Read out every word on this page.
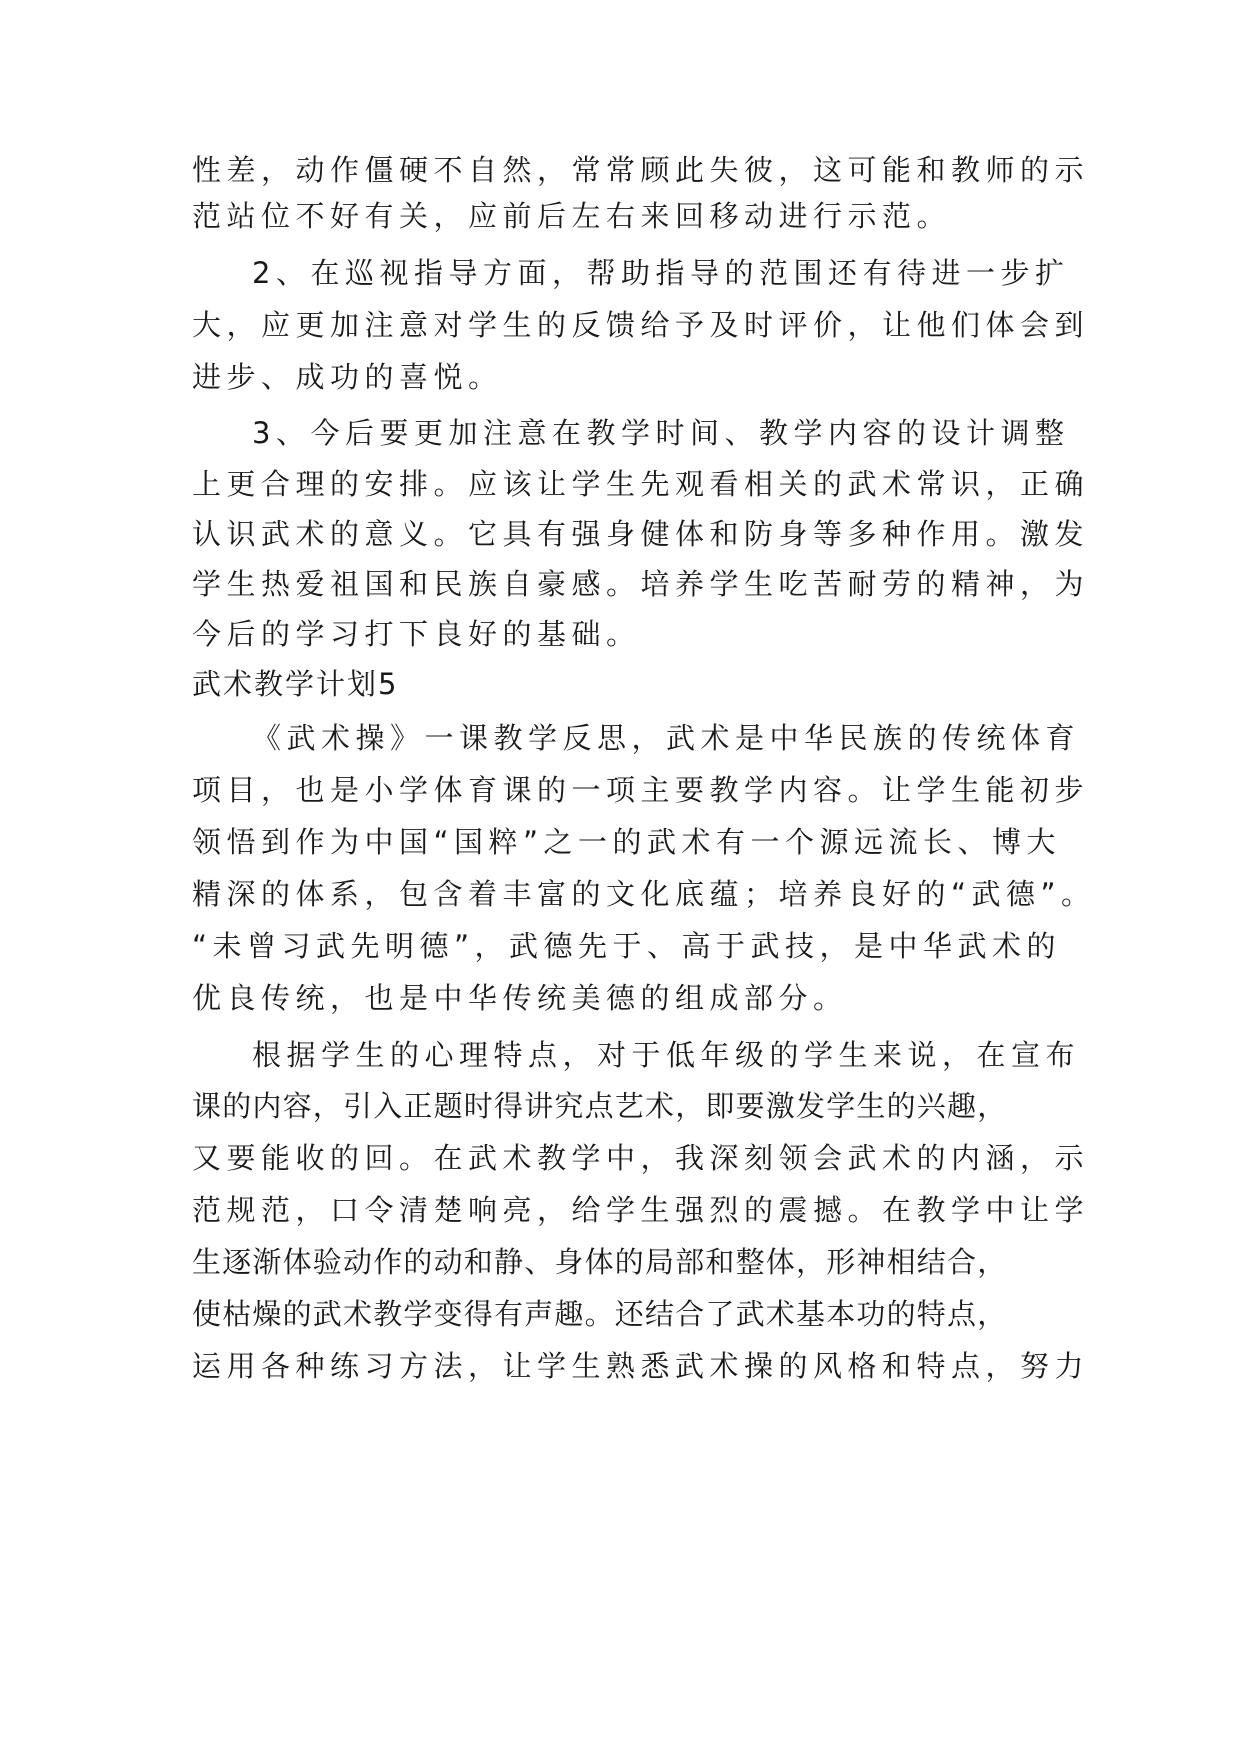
性差，动作僵硬不自然，常常顾此失彼，这可能和教师的示
范站位不好有关，应前后左右来回移动进行示范。
2、在巡视指导方面，帮助指导的范围还有待进一步扩
大，应更加注意对学生的反馈给予及时评价，让他们体会到
进步、成功的喜悦。
3、今后要更加注意在教学时间、教学内容的设计调整
上更合理的安排。应该让学生先观看相关的武术常识，正确
认识武术的意义。它具有强身健体和防身等多种作用。激发
学生热爱祖国和民族自豪感。培养学生吃苦耐劳的精神，为
今后的学习打下良好的基础。
武术教学计划5
《武术操》一课教学反思，武术是中华民族的传统体育
项目，也是小学体育课的一项主要教学内容。让学生能初步
领悟到作为中国“国粹”之一的武术有一个源远流长、博大
精深的体系，包含着丰富的文化底蕴；培养良好的“武德”。
“未曾习武先明德”，武德先于、高于武技，是中华武术的
优良传统，也是中华传统美德的组成部分。
根据学生的心理特点，对于低年级的学生来说，在宣布
课的内容，引入正题时得讲究点艺术，即要激发学生的兴趣，
又要能收的回。在武术教学中，我深刻领会武术的内涵，示
范规范，口令清楚响亮，给学生强烈的震撼。在教学中让学
生逐渐体验动作的动和静、身体的局部和整体，形神相结合，
使枯燥的武术教学变得有声趣。还结合了武术基本功的特点，
运用各种练习方法，让学生熟悉武术操的风格和特点，努力
